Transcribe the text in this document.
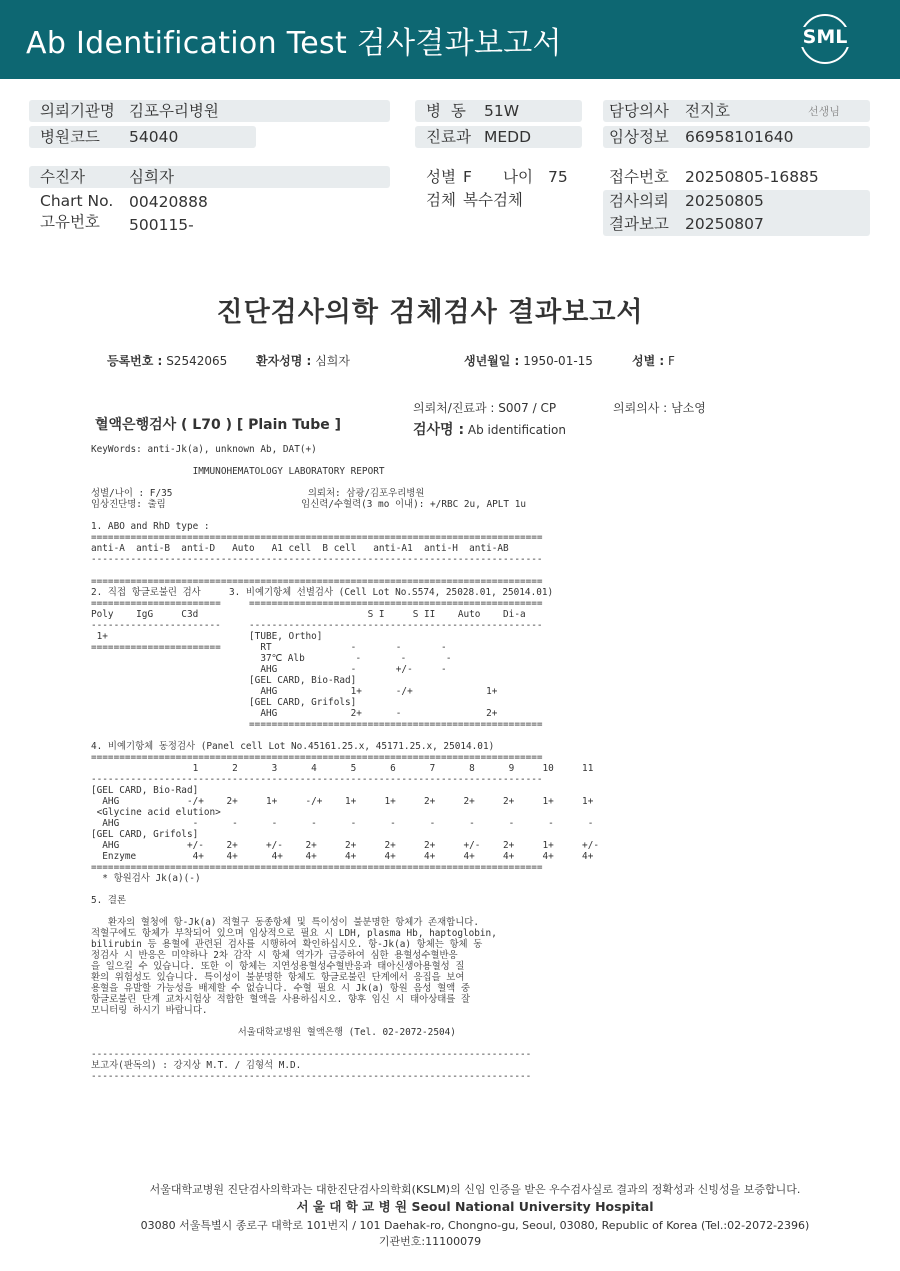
Ab Identification Test 검사결과보고서	SML
의뢰기관명 김포우리병원
병원코드 54040
병  동 51W
진료과 MEDD
담당의사 전지호	선생님
임상정보 66958101640
수진자	심희자
Chart No. 00420888
고유번호 500115-
성별 F 나이 75
검체 복수검체
접수번호 20250805-16885
검사의뢰 20250805
결과보고 20250807
진단검사의학 검체검사 결과보고서
등록번호 : S2542065 환자성명 : 심희자	생년월일 : 1950-01-15	성별 : F
의뢰처/진료과 : S007 / CP	의뢰의사 : 남소영
혈액은행검사 ( L70 ) [ Plain Tube ]	검사명 : Ab identification
KeyWords: anti-Jk(a), unknown Ab, DAT(+)

IMMUNOHEMATOLOGY LABORATORY REPORT

성별/나이 : F/35                        의뢰처: 삼광/김포우리병원
임상진단명: 출림                        임신력/수혈력(3 mo 이내): +/RBC 2u, APLT 1u

1. ABO and RhD type :
================================================================================
anti-A  anti-B  anti-D   Auto   A1 cell  B cell   anti-A1  anti-H  anti-AB
--------------------------------------------------------------------------------

================================================================================
2. 직접 항글로불린 검사     3. 비예기항체 선별검사 (Cell Lot No.S574, 25028.01, 25014.01)
=======================     ====================================================
Poly    IgG     C3d                              S I     S II    Auto    Di-a
-----------------------     ----------------------------------------------------
1+                         [TUBE, Ortho]
=======================       RT              -       -       -
37℃ Alb         -       -       -
AHG             -       +/-     -
[GEL CARD, Bio-Rad]
AHG             1+      -/+             1+
[GEL CARD, Grifols]
AHG             2+      -               2+
====================================================

4. 비예기항체 동정검사 (Panel cell Lot No.45161.25.x, 45171.25.x, 25014.01)
================================================================================
1      2      3      4      5      6      7      8      9     10     11
--------------------------------------------------------------------------------
[GEL CARD, Bio-Rad]
AHG            -/+    2+     1+     -/+    1+     1+     2+     2+     2+     1+     1+
<Glycine acid elution>
AHG             -      -      -      -      -      -      -      -      -      -      -
[GEL CARD, Grifols]
AHG            +/-    2+     +/-    2+     2+     2+     2+     +/-    2+     1+     +/-
Enzyme          4+    4+      4+    4+     4+     4+     4+     4+     4+     4+     4+
================================================================================
* 항원검사 Jk(a)(-)

5. 결론

환자의 혈청에 항-Jk(a) 적혈구 동종항체 및 특이성이 불분명한 항체가 존재합니다.
적혈구에도 항체가 부착되어 있으며 임상적으로 필요 시 LDH, plasma Hb, haptoglobin,
bilirubin 등 용혈에 관련된 검사를 시행하여 확인하십시오. 항-Jk(a) 항체는 항체 동
정검사 시 반응은 미약하나 2차 감작 시 항체 역가가 급증하여 심한 용혈성수혈반응
을 일으킬 수 있습니다. 또한 이 항체는 지연성용혈성수혈반응과 태아신생아용혈성 질
환의 위험성도 있습니다. 특이성이 불분명한 항체도 항글로불린 단계에서 응집을 보여
용혈을 유발할 가능성을 배제할 수 없습니다. 수혈 필요 시 Jk(a) 항원 음성 혈액 중
항글로불린 단계 교차시험상 적합한 혈액을 사용하십시오. 향후 임신 시 태아상태를 잘
모니터링 하시기 바랍니다.

서울대학교병원 혈액은행 (Tel. 02-2072-2504)

------------------------------------------------------------------------------
보고자(판독의) : 강지상 M.T. / 김형석 M.D.
------------------------------------------------------------------------------
서울대학교병원 진단검사의학과는 대한진단검사의학회(KSLM)의 신임 인증을 받은 우수검사실로 결과의 정확성과 신빙성을 보증합니다.
서 울 대 학 교 병 원 Seoul National University Hospital
03080 서울특별시 종로구 대학로 101번지 / 101 Daehak-ro, Chongno-gu, Seoul, 03080, Republic of Korea (Tel.:02-2072-2396)
기관번호:11100079
